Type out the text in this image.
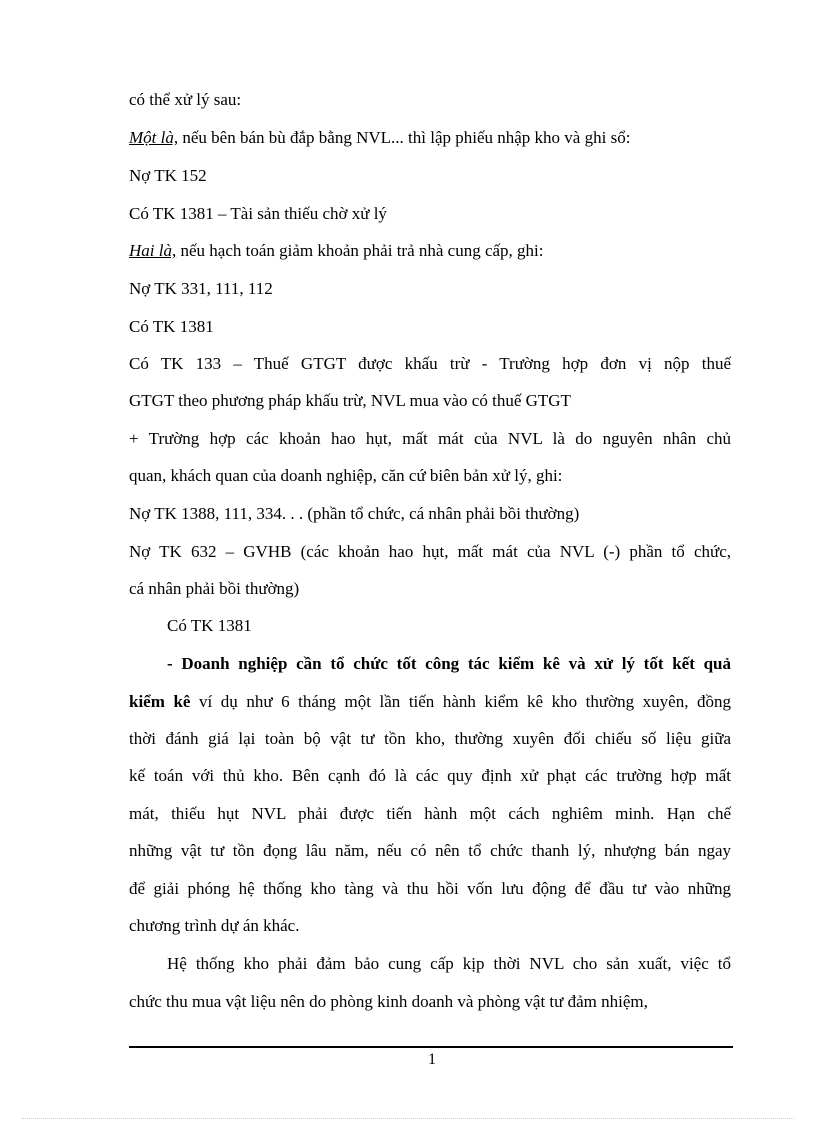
có thể xử lý sau:
Một là, nếu bên bán bù đắp bằng NVL... thì lập phiếu nhập kho và ghi sổ:
Nợ TK 152
Có TK 1381 – Tài sản thiếu chờ xử lý
Hai là, nếu hạch toán giảm khoản phải trả nhà cung cấp, ghi:
Nợ TK 331, 111, 112
Có TK 1381
Có TK 133 – Thuế GTGT được khấu trừ - Trường hợp đơn vị nộp thuế
GTGT theo phương pháp khấu trừ, NVL mua vào có thuế GTGT
+ Trường hợp các khoản hao hụt, mất mát của NVL là do nguyên nhân chủ
quan, khách quan của doanh nghiệp, căn cứ biên bản xử lý, ghi:
Nợ TK 1388, 111, 334. . . (phần tổ chức, cá nhân phải bồi thường)
Nợ TK 632 – GVHB (các khoản hao hụt, mất mát của NVL (-) phần tổ chức,
cá nhân phải bồi thường)
Có TK 1381
- Doanh nghiệp cần tổ chức tốt công tác kiểm kê và xử lý tốt kết quả
kiểm kê ví dụ như 6 tháng một lần tiến hành kiểm kê kho thường xuyên, đồng
thời đánh giá lại toàn bộ vật tư tồn kho, thường xuyên đối chiếu số liệu giữa
kế toán với thủ kho. Bên cạnh đó là các quy định xử phạt các trường hợp mất
mát, thiếu hụt NVL phải được tiến hành một cách nghiêm minh. Hạn chế
những vật tư tồn đọng lâu năm, nếu có nên tổ chức thanh lý, nhượng bán ngay
để giải phóng hệ thống kho tàng và thu hồi vốn lưu động để đầu tư vào những
chương trình dự án khác.
Hệ thống kho phải đảm bảo cung cấp kịp thời NVL cho sản xuất, việc tổ
chức thu mua vật liệu nên do phòng kinh doanh và phòng vật tư đảm nhiệm,
1
